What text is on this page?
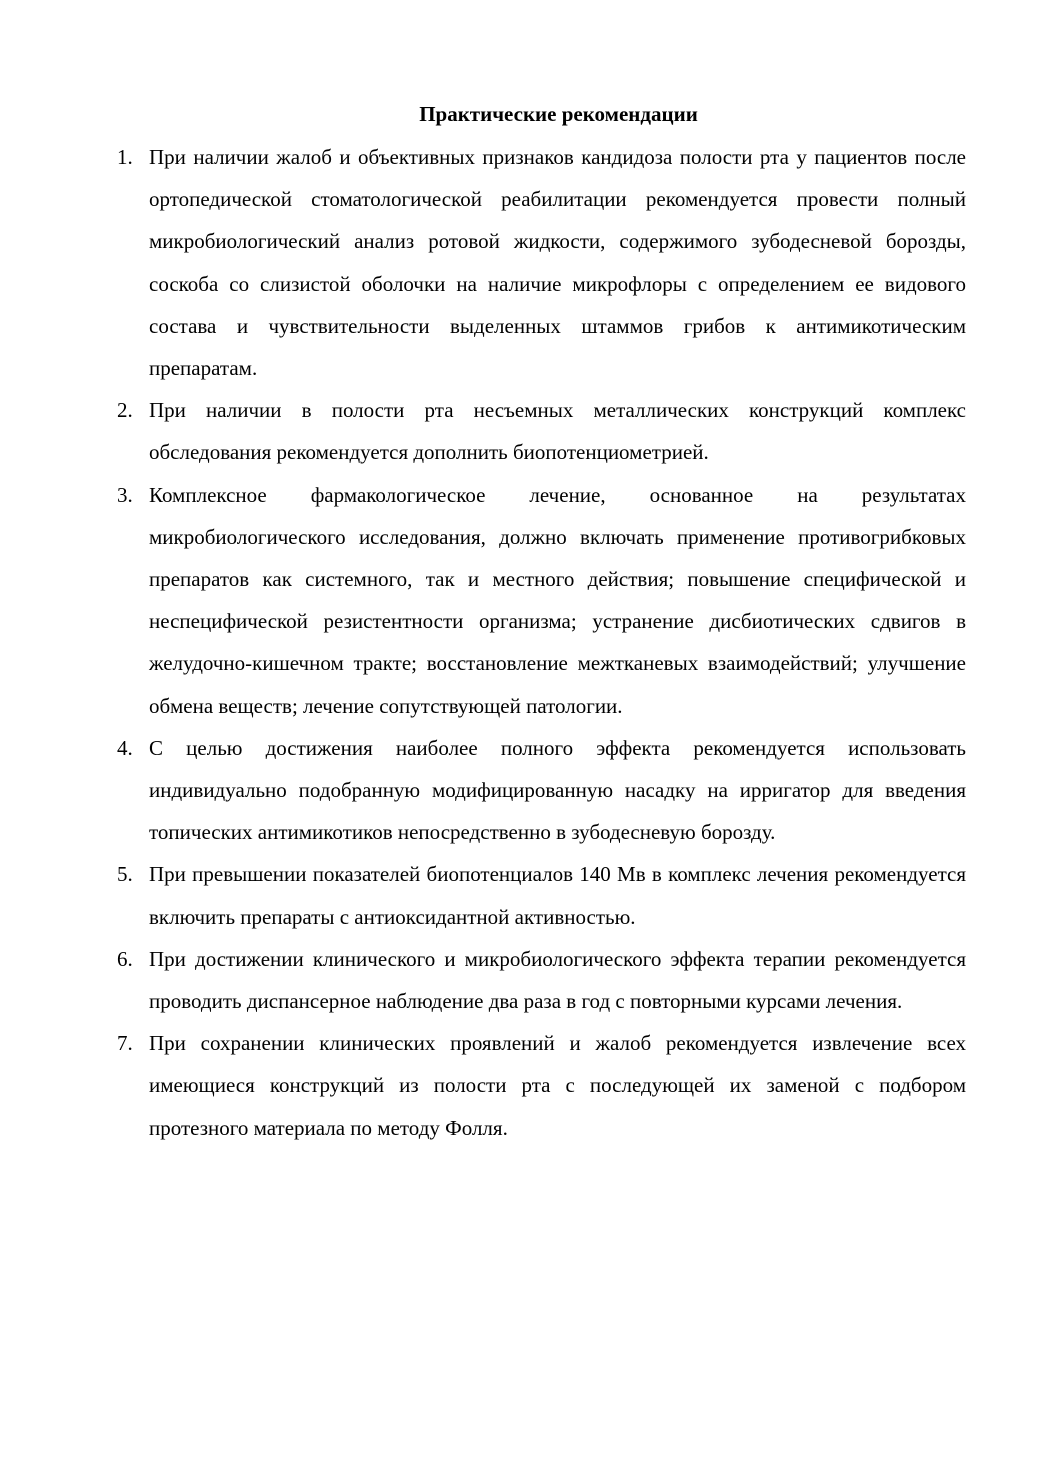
Практические рекомендации
1. При наличии жалоб и объективных признаков кандидоза полости рта у пациентов после ортопедической стоматологической реабилитации рекомендуется провести полный микробиологический анализ ротовой жидкости, содержимого зубодесневой борозды, соскоба со слизистой оболочки на наличие микрофлоры с определением ее видового состава и чувствительности выделенных штаммов грибов к антимикотическим препаратам.
2. При наличии в полости рта несъемных металлических конструкций комплекс обследования рекомендуется дополнить биопотенциометрией.
3. Комплексное фармакологическое лечение, основанное на результатах микробиологического исследования, должно включать применение противогрибковых препаратов как системного, так и местного действия; повышение специфической и неспецифической резистентности организма; устранение дисбиотических сдвигов в желудочно-кишечном тракте; восстановление межтканевых взаимодействий; улучшение обмена веществ; лечение сопутствующей патологии.
4. С целью достижения наиболее полного эффекта рекомендуется использовать индивидуально подобранную модифицированную насадку на ирригатор для введения топических антимикотиков непосредственно в зубодесневую борозду.
5. При превышении показателей биопотенциалов 140 Мв в комплекс лечения рекомендуется включить препараты с антиоксидантной активностью.
6. При достижении клинического и микробиологического эффекта терапии рекомендуется проводить диспансерное наблюдение два раза в год с повторными курсами лечения.
7. При сохранении клинических проявлений и жалоб рекомендуется извлечение всех имеющиеся конструкций из полости рта с последующей их заменой с подбором протезного материала по методу Фолля.
